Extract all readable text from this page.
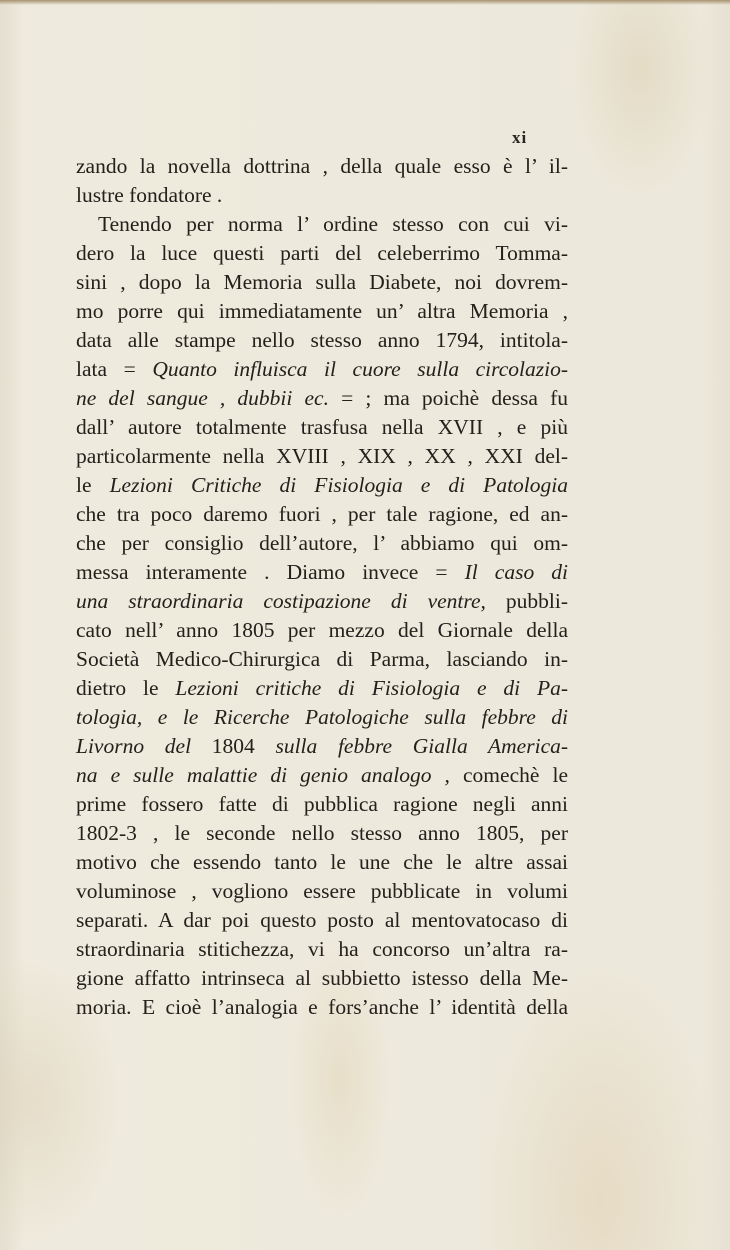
xi
zando la novella dottrina , della quale esso è l’ il-
lustre fondatore .
Tenendo per norma l’ ordine stesso con cui vi-
dero la luce questi parti del celeberrimo Tomma-
sini , dopo la Memoria sulla Diabete, noi dovrem-
mo porre qui immediatamente un’ altra Memoria ,
data alle stampe nello stesso anno 1794, intitola-
lata = Quanto influisca il cuore sulla circolazio-
ne del sangue , dubbii ec. = ; ma poichè dessa fu
dall’ autore totalmente trasfusa nella XVII , e più
particolarmente nella XVIII , XIX , XX , XXI del-
le Lezioni Critiche di Fisiologia e di Patologia
che tra poco daremo fuori , per tale ragione, ed an-
che per consiglio dell’autore, l’ abbiamo qui om-
messa interamente . Diamo invece = Il caso di
una straordinaria costipazione di ventre, pubbli-
cato nell’ anno 1805 per mezzo del Giornale della
Società Medico-Chirurgica di Parma, lasciando in-
dietro le Lezioni critiche di Fisiologia e di Pa-
tologia, e le Ricerche Patologiche sulla febbre di
Livorno del 1804 sulla febbre Gialla America-
na e sulle malattie di genio analogo , comechè le
prime fossero fatte di pubblica ragione negli anni
1802-3 , le seconde nello stesso anno 1805, per
motivo che essendo tanto le une che le altre assai
voluminose , vogliono essere pubblicate in volumi
separati. A dar poi questo posto al mentovatocaso di
straordinaria stitichezza, vi ha concorso un’altra ra-
gione affatto intrinseca al subbietto istesso della Me-
moria. E cioè l’analogia e fors’anche l’ identità della
